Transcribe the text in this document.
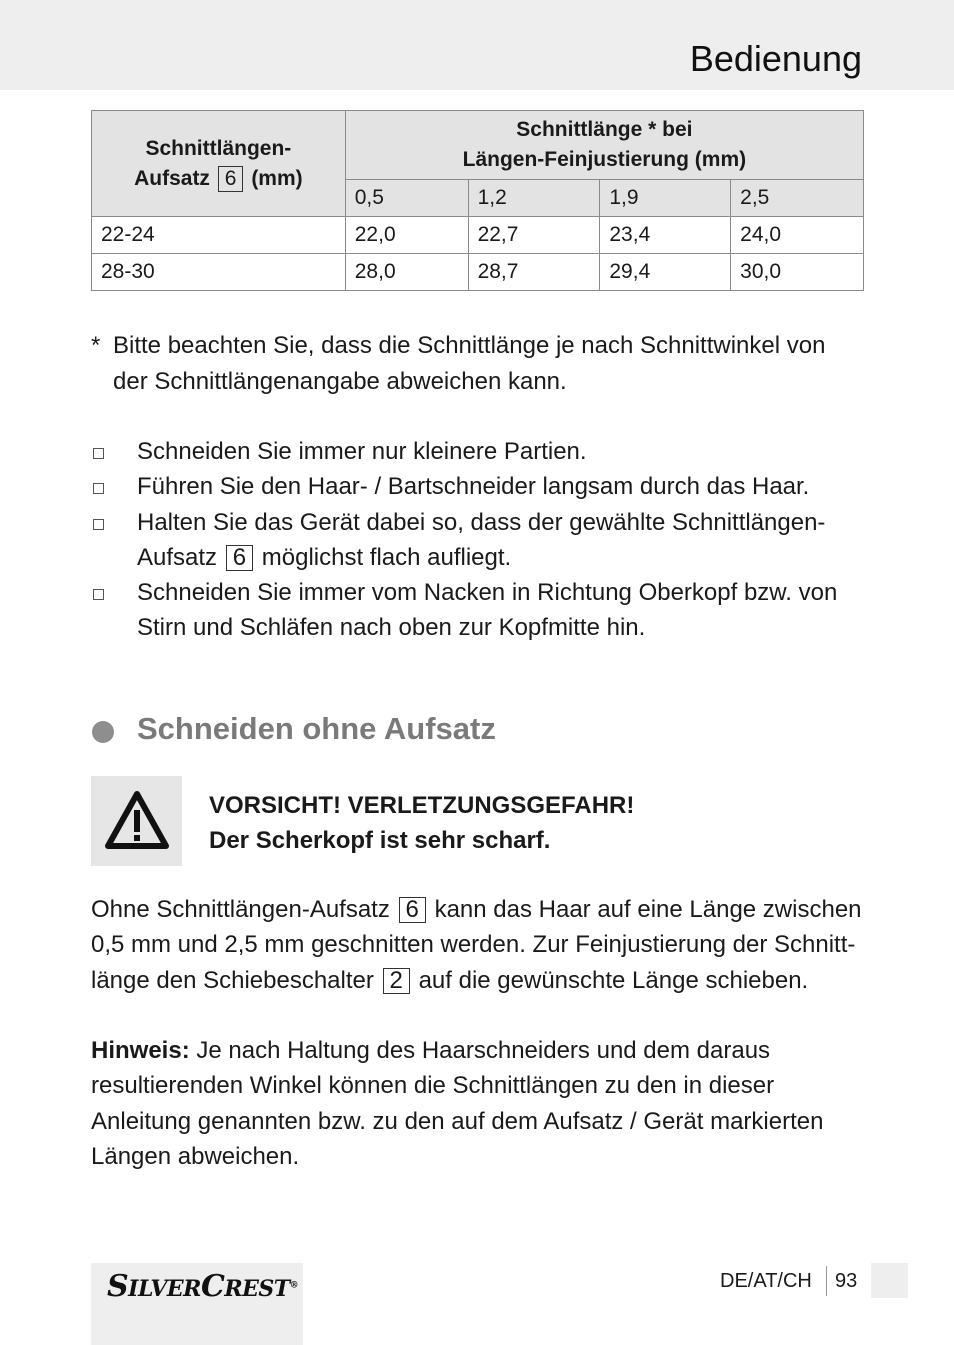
Bedienung
Schnittlängen-
Aufsatz 6 (mm)	Schnittlänge * bei
Längen-Feinjustierung (mm)			
	0,5	1,2	1,9	2,5
22-24	22,0	22,7	23,4	24,0
28-30	28,0	28,7	29,4	30,0
* Bitte beachten Sie, dass die Schnittlänge je nach Schnittwinkel von
der Schnittlängenangabe abweichen kann.
Schneiden Sie immer nur kleinere Partien.
Führen Sie den Haar- / Bartschneider langsam durch das Haar.
Halten Sie das Gerät dabei so, dass der gewählte Schnittlängen-
Aufsatz 6 möglichst flach aufliegt.
Schneiden Sie immer vom Nacken in Richtung Oberkopf bzw. von
Stirn und Schläfen nach oben zur Kopfmitte hin.
Schneiden ohne Aufsatz
VORSICHT! VERLETZUNGSGEFAHR!
Der Scherkopf ist sehr scharf.

Ohne Schnittlängen-Aufsatz 6 kann das Haar auf eine Länge zwischen
0,5 mm und 2,5 mm geschnitten werden. Zur Feinjustierung der Schnitt-
länge den Schiebeschalter 2 auf die gewünschte Länge schieben.

Hinweis: Je nach Haltung des Haarschneiders und dem daraus
resultierenden Winkel können die Schnittlängen zu den in dieser
Anleitung genannten bzw. zu den auf dem Aufsatz / Gerät markierten
Längen abweichen.

SILVERCREST®	DE/AT/CH 93
